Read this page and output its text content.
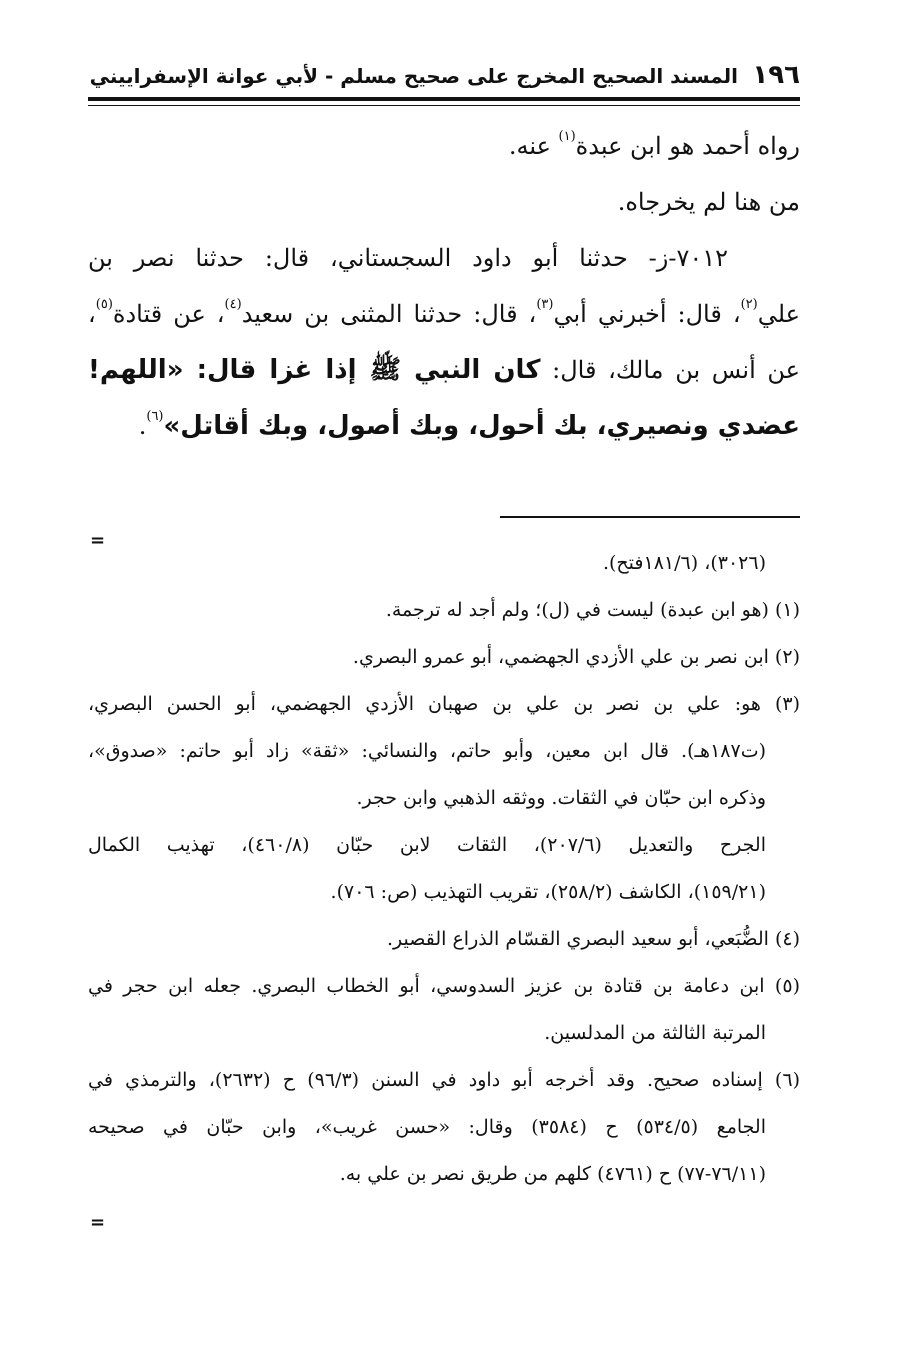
١٩٦
المسند الصحيح المخرج على صحيح مسلم - لأبي عوانة الإسفراييني
رواه أحمد هو ابن عبدة$^{(١)}$ عنه.
من هنا لم يخرجاه.
٧٠١٢-ز- حدثنا أبو داود السجستاني، قال: حدثنا نصر بن
علي$^{(٢)}$، قال: أخبرني أبي$^{(٣)}$، قال: حدثنا المثنى بن سعيد$^{(٤)}$، عن قتادة$^{(٥)}$،
عن أنس بن مالك، قال: كان النبي ﷺ إذا غزا قال: «اللهم!
عضدي ونصيري، بك أحول، وبك أصول، وبك أقاتل»$^{(٦)}$.
=
(٣٠٢٦)، (١٨١/٦فتح).
(١) (هو ابن عبدة) ليست في (ل)؛ ولم أجد له ترجمة.
(٢) ابن نصر بن علي الأزدي الجهضمي، أبو عمرو البصري.
(٣) هو: علي بن نصر بن علي بن صهبان الأزدي الجهضمي، أبو الحسن البصري،
(ت١٨٧هـ). قال ابن معين، وأبو حاتم، والنسائي: «ثقة» زاد أبو حاتم: «صدوق»،
وذكره ابن حبّان في الثقات. ووثقه الذهبي وابن حجر.
الجرح والتعديل (٢٠٧/٦)، الثقات لابن حبّان (٤٦٠/٨)، تهذيب الكمال
(١٥٩/٢١)، الكاشف (٢٥٨/٢)، تقريب التهذيب (ص: ٧٠٦).
(٤) الضُّبَعي، أبو سعيد البصري القسّام الذراع القصير.
(٥) ابن دعامة بن قتادة بن عزيز السدوسي، أبو الخطاب البصري. جعله ابن حجر في
المرتبة الثالثة من المدلسين.
(٦) إسناده صحيح. وقد أخرجه أبو داود في السنن (٩٦/٣) ح (٢٦٣٢)، والترمذي في
الجامع (٥٣٤/٥) ح (٣٥٨٤) وقال: «حسن غريب»، وابن حبّان في صحيحه
(٧٦/١١-٧٧) ح (٤٧٦١) كلهم من طريق نصر بن علي به.
=
